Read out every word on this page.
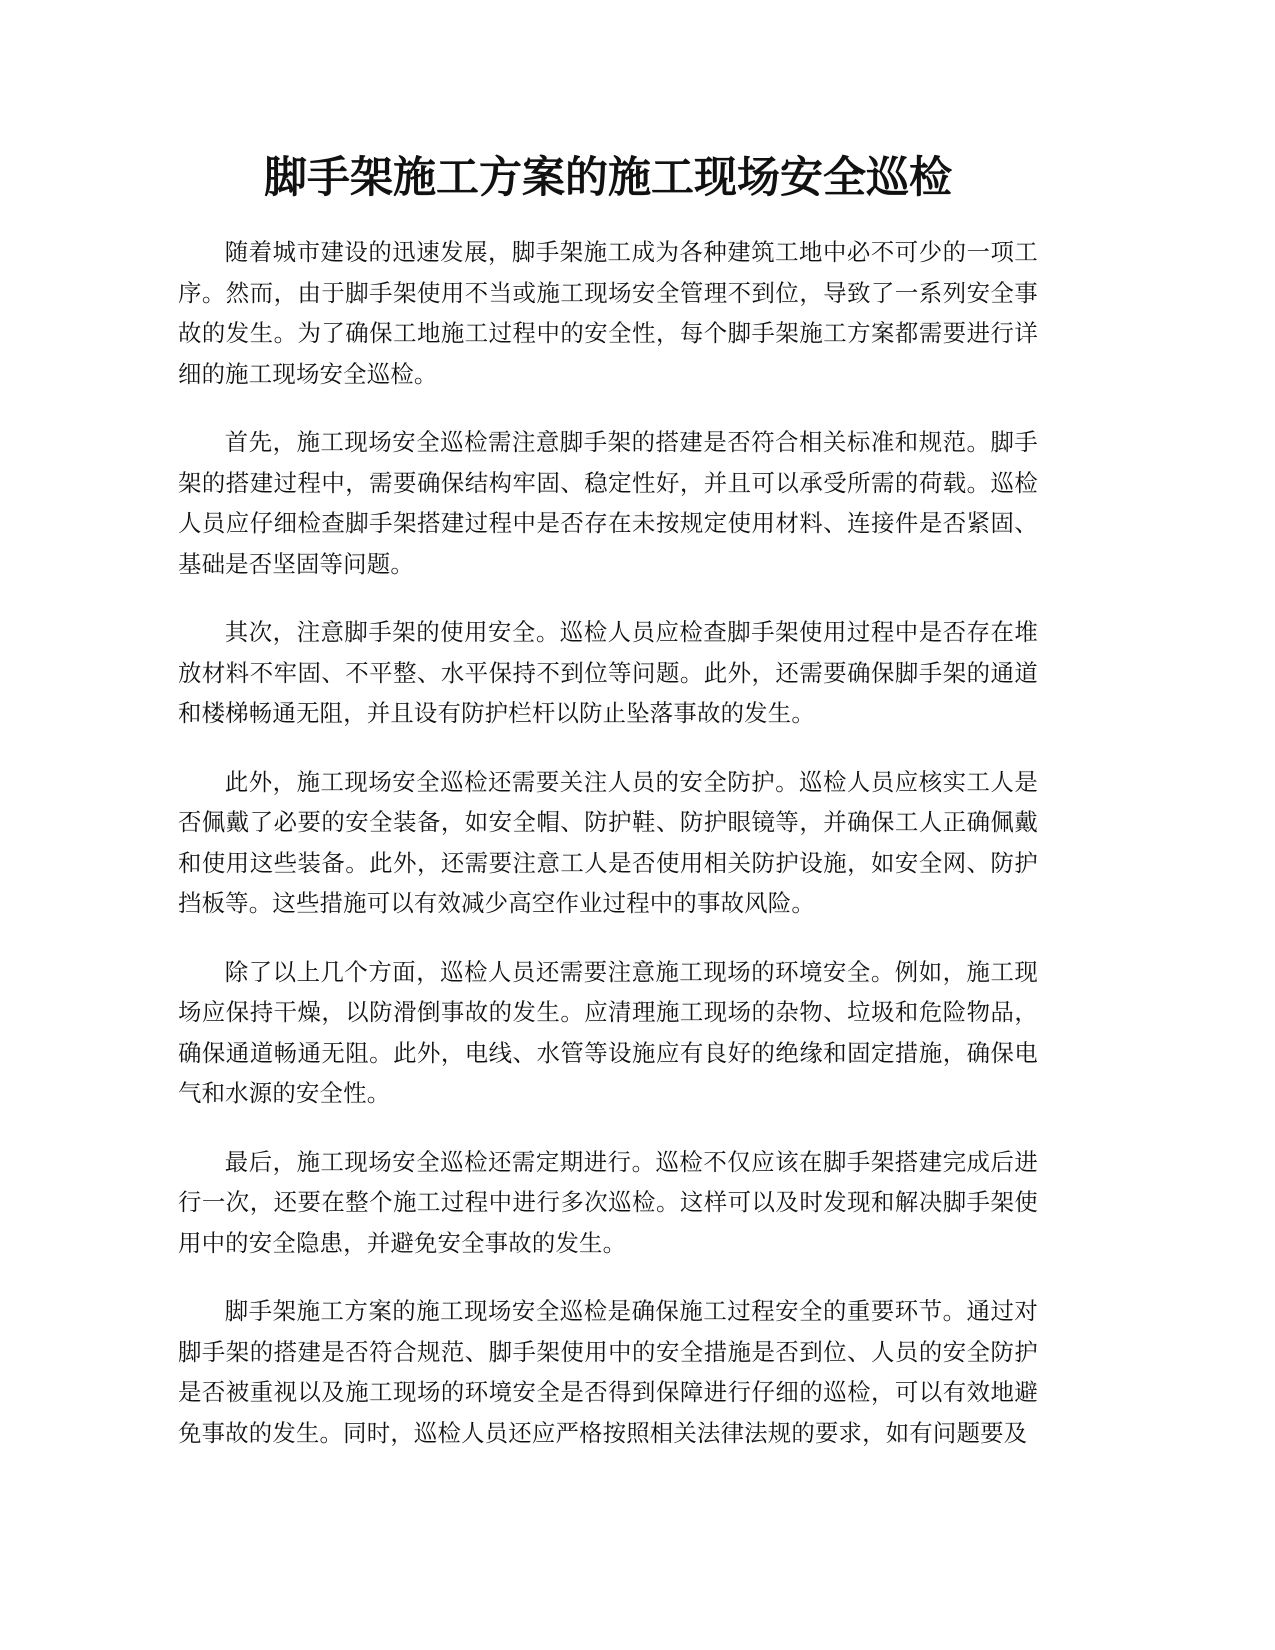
脚手架施工方案的施工现场安全巡检

随着城市建设的迅速发展，脚手架施工成为各种建筑工地中必不可少的一项工序。然而，由于脚手架使用不当或施工现场安全管理不到位，导致了一系列安全事故的发生。为了确保工地施工过程中的安全性，每个脚手架施工方案都需要进行详细的施工现场安全巡检。

首先，施工现场安全巡检需注意脚手架的搭建是否符合相关标准和规范。脚手架的搭建过程中，需要确保结构牢固、稳定性好，并且可以承受所需的荷载。巡检人员应仔细检查脚手架搭建过程中是否存在未按规定使用材料、连接件是否紧固、基础是否坚固等问题。

其次，注意脚手架的使用安全。巡检人员应检查脚手架使用过程中是否存在堆放材料不牢固、不平整、水平保持不到位等问题。此外，还需要确保脚手架的通道和楼梯畅通无阻，并且设有防护栏杆以防止坠落事故的发生。

此外，施工现场安全巡检还需要关注人员的安全防护。巡检人员应核实工人是否佩戴了必要的安全装备，如安全帽、防护鞋、防护眼镜等，并确保工人正确佩戴和使用这些装备。此外，还需要注意工人是否使用相关防护设施，如安全网、防护挡板等。这些措施可以有效减少高空作业过程中的事故风险。

除了以上几个方面，巡检人员还需要注意施工现场的环境安全。例如，施工现场应保持干燥，以防滑倒事故的发生。应清理施工现场的杂物、垃圾和危险物品，确保通道畅通无阻。此外，电线、水管等设施应有良好的绝缘和固定措施，确保电气和水源的安全性。

最后，施工现场安全巡检还需定期进行。巡检不仅应该在脚手架搭建完成后进行一次，还要在整个施工过程中进行多次巡检。这样可以及时发现和解决脚手架使用中的安全隐患，并避免安全事故的发生。

脚手架施工方案的施工现场安全巡检是确保施工过程安全的重要环节。通过对脚手架的搭建是否符合规范、脚手架使用中的安全措施是否到位、人员的安全防护是否被重视以及施工现场的环境安全是否得到保障进行仔细的巡检，可以有效地避免事故的发生。同时，巡检人员还应严格按照相关法律法规的要求，如有问题要及
